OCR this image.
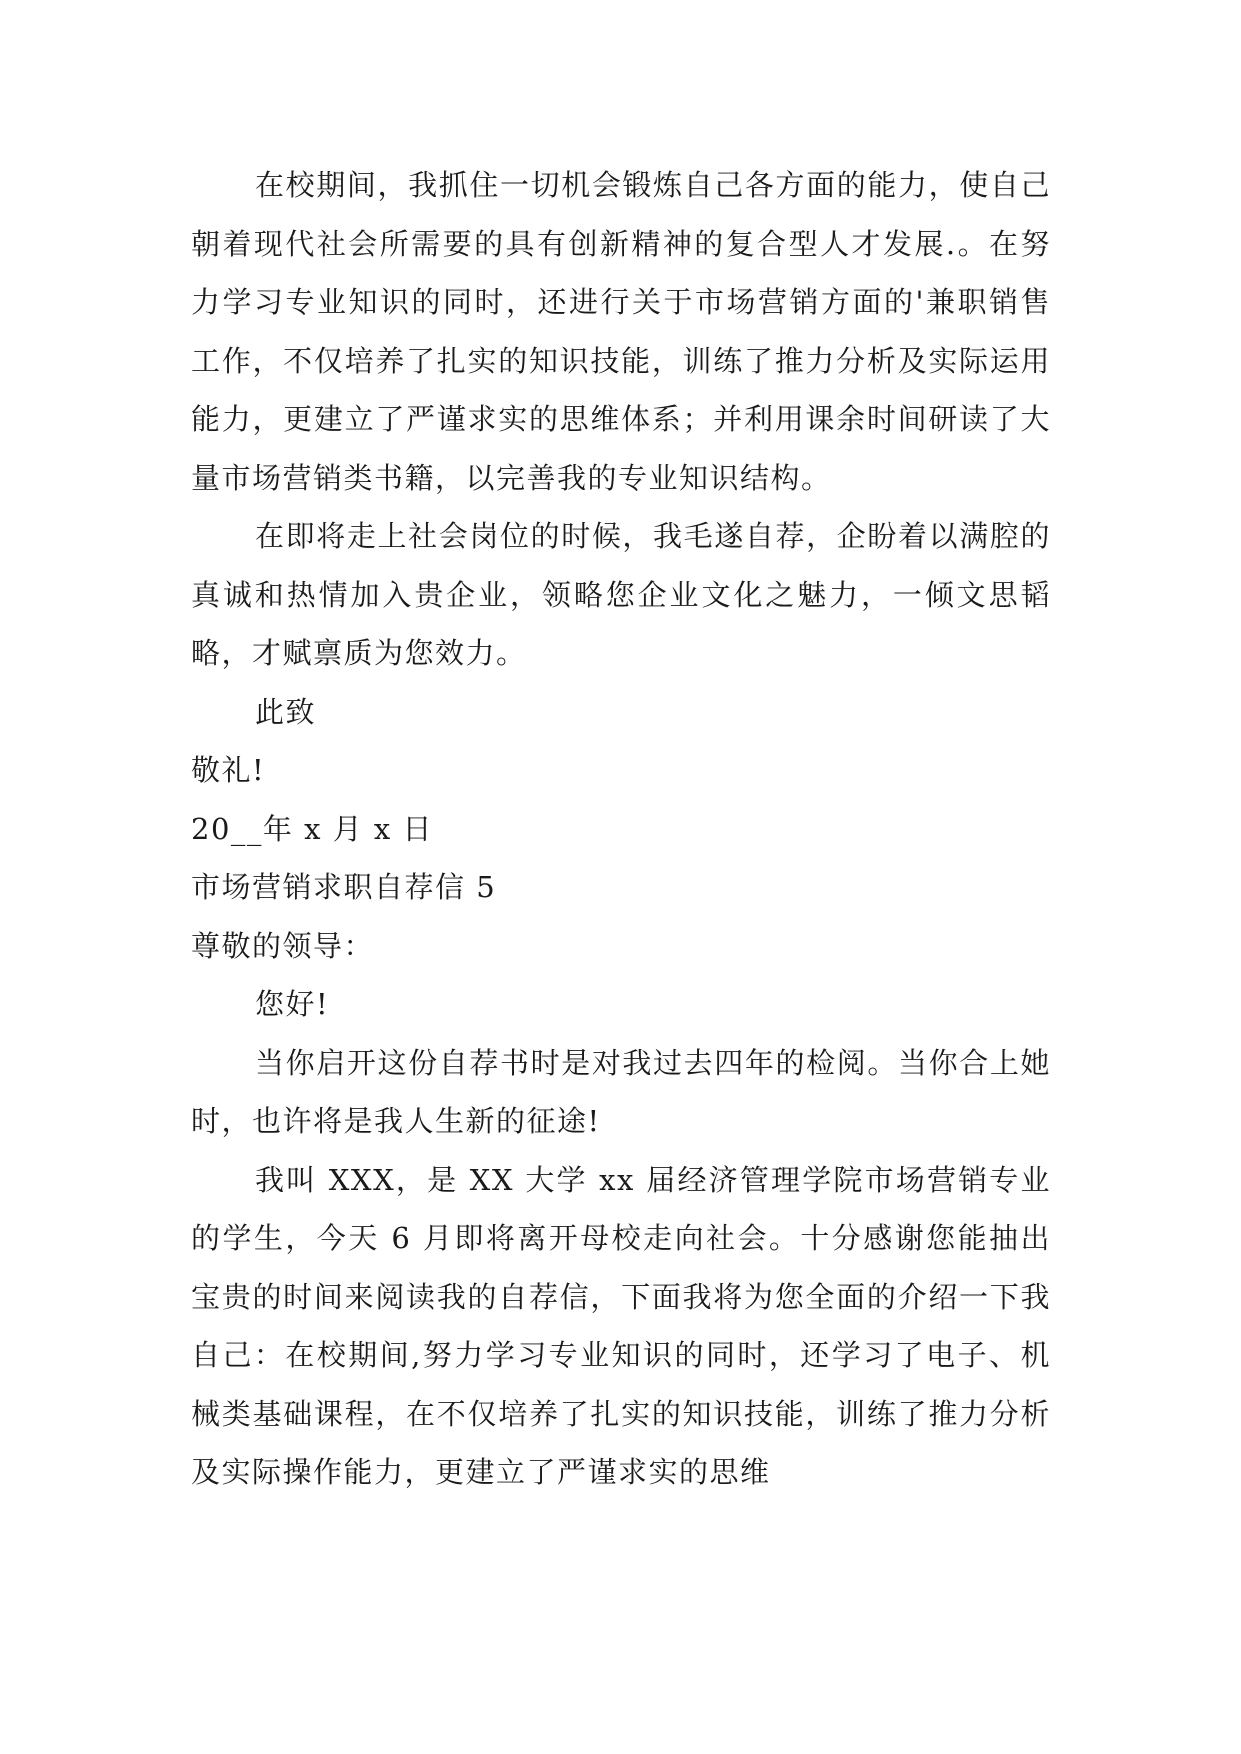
在校期间，我抓住一切机会锻炼自己各方面的能力，使自己朝着现代社会所需要的具有创新精神的复合型人才发展.。在努力学习专业知识的同时，还进行关于市场营销方面的'兼职销售工作，不仅培养了扎实的知识技能，训练了推力分析及实际运用能力，更建立了严谨求实的思维体系；并利用课余时间研读了大量市场营销类书籍，以完善我的专业知识结构。

在即将走上社会岗位的时候，我毛遂自荐，企盼着以满腔的真诚和热情加入贵企业，领略您企业文化之魅力，一倾文思韬略，才赋禀质为您效力。

此致

敬礼!

20__年 x 月 x 日

市场营销求职自荐信 5

尊敬的领导：

您好!

当你启开这份自荐书时是对我过去四年的检阅。当你合上她时，也许将是我人生新的征途!

我叫 XXX，是 XX 大学 xx 届经济管理学院市场营销专业的学生，今天 6 月即将离开母校走向社会。十分感谢您能抽出宝贵的时间来阅读我的自荐信，下面我将为您全面的介绍一下我自己：在校期间,努力学习专业知识的同时，还学习了电子、机械类基础课程，在不仅培养了扎实的知识技能，训练了推力分析及实际操作能力，更建立了严谨求实的思维
